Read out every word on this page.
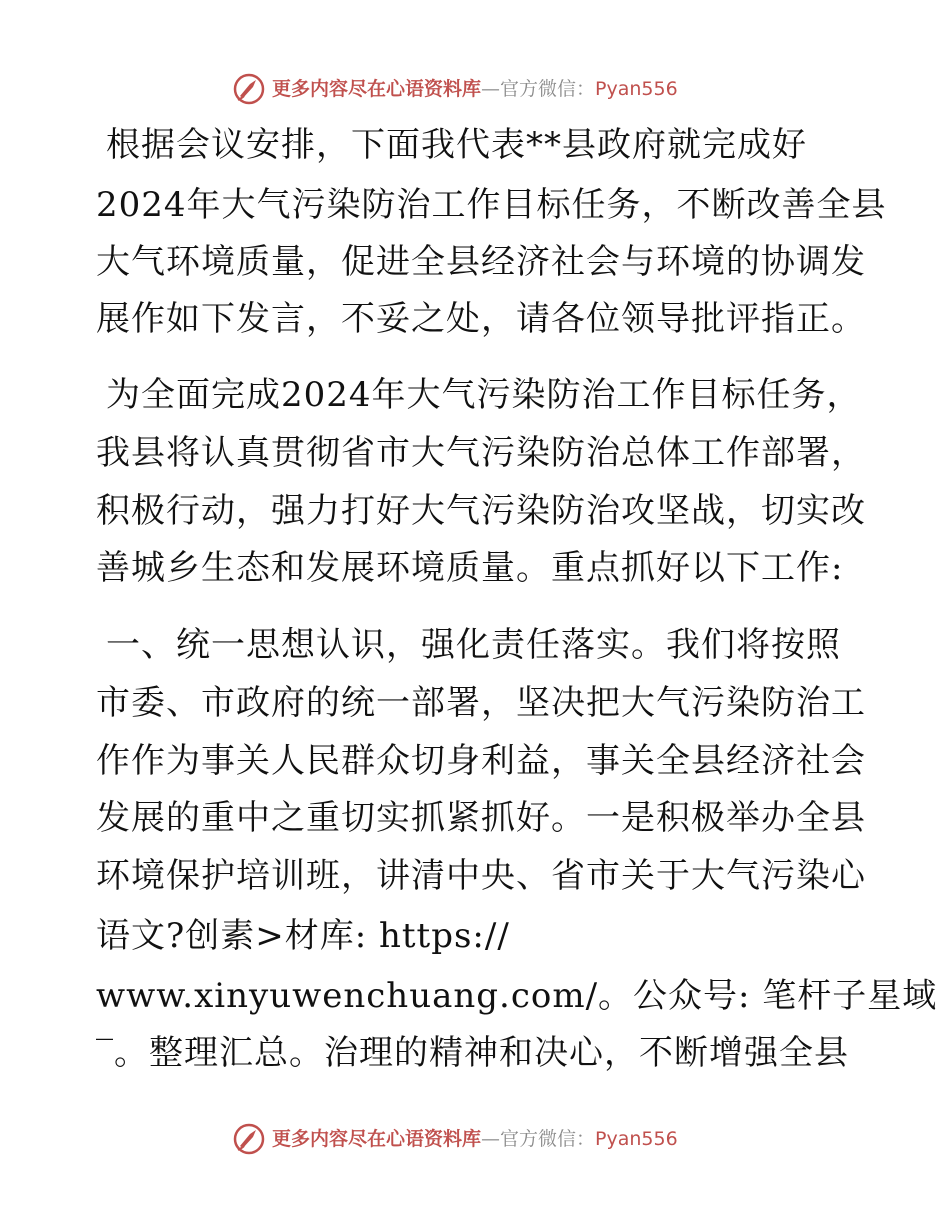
更多内容尽在心语资料库—官方微信：Pyan556
根据会议安排，下面我代表**县政府就完成好
2024年大气污染防治工作目标任务，不断改善全县
大气环境质量，促进全县经济社会与环境的协调发
展作如下发言，不妥之处，请各位领导批评指正。
为全面完成2024年大气污染防治工作目标任务，
我县将认真贯彻省市大气污染防治总体工作部署，
积极行动，强力打好大气污染防治攻坚战，切实改
善城乡生态和发展环境质量。重点抓好以下工作:
一、统一思想认识，强化责任落实。我们将按照
市委、市政府的统一部署，坚决把大气污染防治工
作作为事关人民群众切身利益，事关全县经济社会
发展的重中之重切实抓紧抓好。一是积极举办全县
环境保护培训班，讲清中央、省市关于大气污染心
语文?创素>材库: https://
www.xinyuwenchuang.com/。公众号: 笔杆子星域
‾。整理汇总。治理的精神和决心，不断增强全县
更多内容尽在心语资料库—官方微信：Pyan556
